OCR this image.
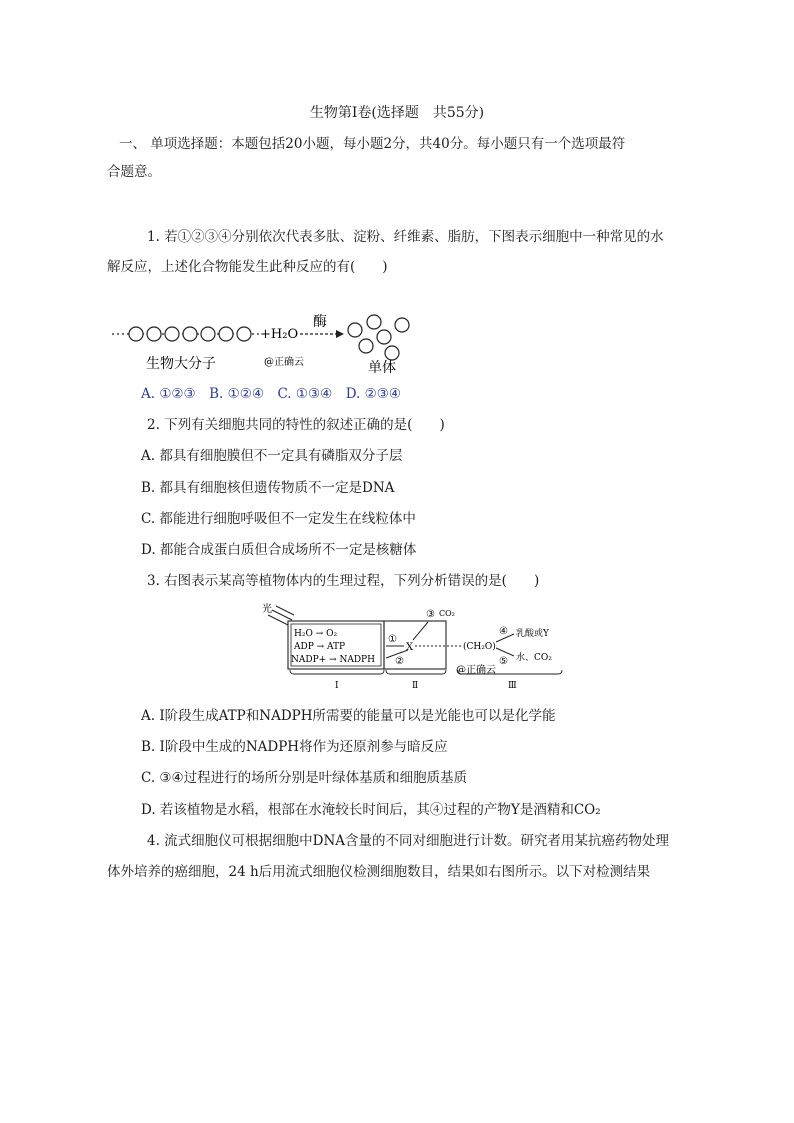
生物第Ⅰ卷(选择题　共55分)
一、 单项选择题：本题包括20小题，每小题2分，共40分。每小题只有一个选项最符
合题意。
1. 若①②③④分别依次代表多肽、淀粉、纤维素、脂肪，下图表示细胞中一种常见的水
解反应，上述化合物能发生此种反应的有(　　)
+H₂O
酶
生物大分子	@正确云	单体
A. ①②③　B. ①②④　C. ①③④　D. ②③④
2. 下列有关细胞共同的特性的叙述正确的是(　　)
A. 都具有细胞膜但不一定具有磷脂双分子层
B. 都具有细胞核但遗传物质不一定是DNA
C. 都能进行细胞呼吸但不一定发生在线粒体中
D. 都能合成蛋白质但合成场所不一定是核糖体
3. 右图表示某高等植物体内的生理过程，下列分析错误的是(　　)
光
H₂O → O₂
ADP → ATP
NADP+ → NADPH
①
②
③ CO₂
X	(CH₂O)
④
⑤
乳酸或Y
水、CO₂
@正确云
Ⅰ	Ⅱ	Ⅲ
A. Ⅰ阶段生成ATP和NADPH所需要的能量可以是光能也可以是化学能
B. Ⅰ阶段中生成的NADPH将作为还原剂参与暗反应
C. ③④过程进行的场所分别是叶绿体基质和细胞质基质
D. 若该植物是水稻，根部在水淹较长时间后，其④过程的产物Y是酒精和CO₂
4. 流式细胞仪可根据细胞中DNA含量的不同对细胞进行计数。研究者用某抗癌药物处理
体外培养的癌细胞，24 h后用流式细胞仪检测细胞数目，结果如右图所示。以下对检测结果
